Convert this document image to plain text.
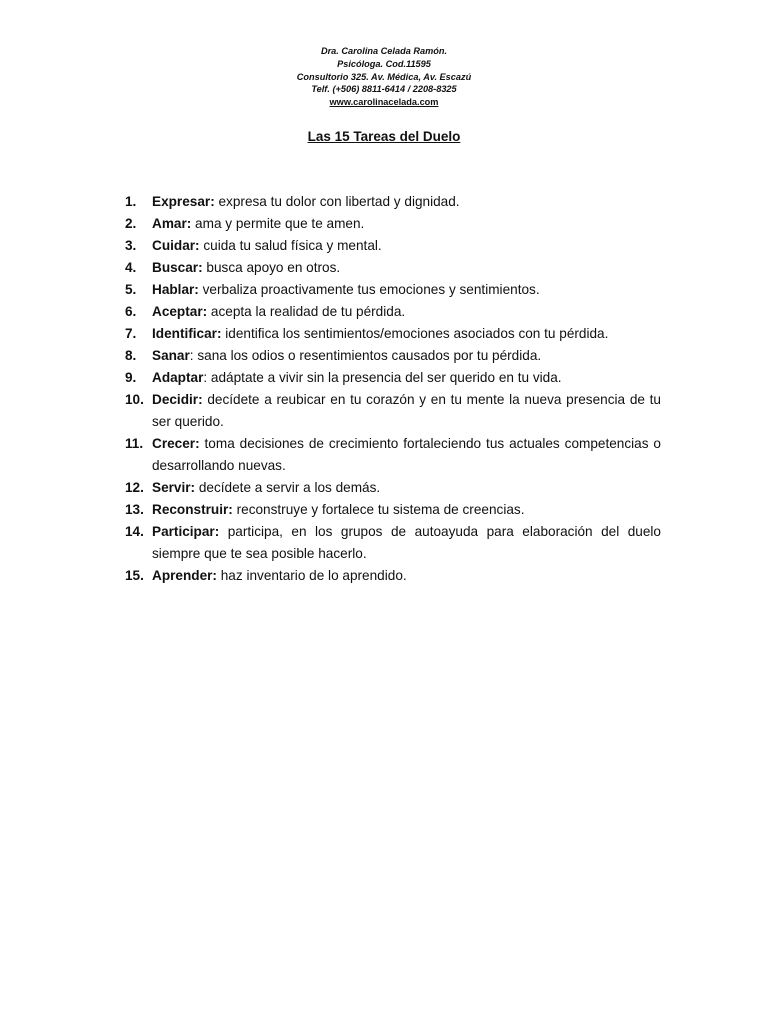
Dra. Carolina Celada Ramón.
Psicóloga. Cod.11595
Consultorio 325. Av. Médica, Av. Escazú
Telf. (+506) 8811-6414 / 2208-8325
www.carolinacelada.com
Las 15 Tareas del Duelo
1.	Expresar: expresa tu dolor con libertad y dignidad.
2.	Amar: ama y permite que te amen.
3.	Cuidar: cuida tu salud física y mental.
4.	Buscar: busca apoyo en otros.
5.	Hablar: verbaliza proactivamente tus emociones y sentimientos.
6.	Aceptar: acepta la realidad de tu pérdida.
7.	Identificar: identifica los sentimientos/emociones asociados con tu pérdida.
8.	Sanar: sana los odios o resentimientos causados por tu pérdida.
9.	Adaptar: adáptate a vivir sin la presencia del ser querido en tu vida.
10. Decidir: decídete a reubicar en tu corazón y en tu mente la nueva presencia de tu ser querido.
11. Crecer: toma decisiones de crecimiento fortaleciendo tus actuales competencias o desarrollando nuevas.
12. Servir: decídete a servir a los demás.
13. Reconstruir: reconstruye y fortalece tu sistema de creencias.
14. Participar: participa, en los grupos de autoayuda para elaboración del duelo siempre que te sea posible hacerlo.
15. Aprender: haz inventario de lo aprendido.
